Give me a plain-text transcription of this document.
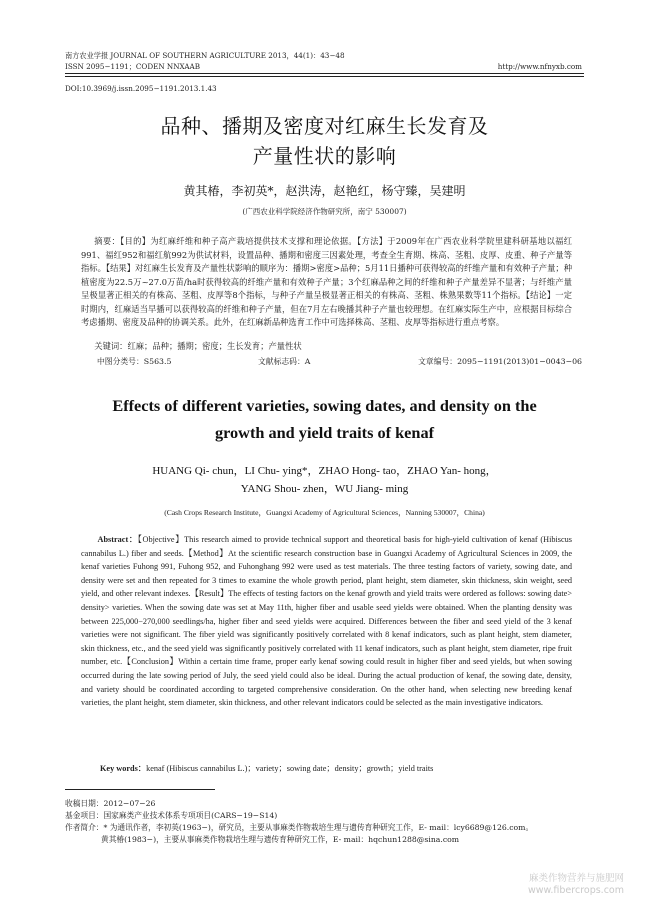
南方农业学报 JOURNAL OF SOUTHERN AGRICULTURE 2013，44(1)：43−48
ISSN 2095−1191；CODEN NNXAAB	http://www.nfnyxb.com
DOI:10.3969/j.issn.2095−1191.2013.1.43
品种、播期及密度对红麻生长发育及
产量性状的影响
黄其椿，李初英*，赵洪涛，赵艳红，杨守臻，吴建明
(广西农业科学院经济作物研究所，南宁 530007)
摘要：【目的】为红麻纤维和种子高产栽培提供技术支撑和理论依据。【方法】于2009年在广西农业科学院里建科研基地以福红991、福红952和福红航992为供试材料，设置品种、播期和密度三因素处理，考查全生育期、株高、茎粗、皮厚、皮重、种子产量等指标。【结果】对红麻生长发育及产量性状影响的顺序为：播期>密度>品种；5月11日播种可获得较高的纤维产量和有效种子产量；种植密度为22.5万~27.0万苗/ha时获得较高的纤维产量和有效种子产量；3个红麻品种之间的纤维和种子产量差异不显著；与纤维产量呈极显著正相关的有株高、茎粗、皮厚等8个指标，与种子产量呈极显著正相关的有株高、茎粗、株熟果数等11个指标。【结论】一定时期内，红麻适当早播可以获得较高的纤维和种子产量，但在7月左右晚播其种子产量也较理想。在红麻实际生产中，应根据目标综合考虑播期、密度及品种的协调关系。此外，在红麻新品种选育工作中可选择株高、茎粗、皮厚等指标进行重点考察。
关键词：红麻；品种；播期；密度；生长发育；产量性状
中图分类号：S563.5	文献标志码：A	文章编号：2095−1191(2013)01−0043−06
Effects of different varieties, sowing dates, and density on the
growth and yield traits of kenaf
HUANG Qi- chun，LI Chu- ying*，ZHAO Hong- tao，ZHAO Yan- hong，
YANG Shou- zhen，WU Jiang- ming
(Cash Crops Research Institute，Guangxi Academy of Agricultural Sciences，Nanning 530007，China)
Abstract：【Objective】This research aimed to provide technical support and theoretical basis for high-yield cultivation of kenaf (Hibiscus cannabilus L.) fiber and seeds.【Method】At the scientific research construction base in Guangxi Academy of Agricultural Sciences in 2009, the kenaf varieties Fuhong 991, Fuhong 952, and Fuhonghang 992 were used as test materials. The three testing factors of variety, sowing date, and density were set and then repeated for 3 times to examine the whole growth period, plant height, stem diameter, skin thickness, skin weight, seed yield, and other relevant indexes.【Result】The effects of testing factors on the kenaf growth and yield traits were ordered as follows: sowing date> density> varieties. When the sowing date was set at May 11th, higher fiber and usable seed yields were obtained. When the planting density was between 225,000−270,000 seedlings/ha, higher fiber and seed yields were acquired. Differences between the fiber and seed yield of the 3 kenaf varieties were not significant. The fiber yield was significantly positively correlated with 8 kenaf indicators, such as plant height, stem diameter, skin thickness, etc., and the seed yield was significantly positively correlated with 11 kenaf indicators, such as plant height, stem diameter, ripe fruit number, etc.【Conclusion】Within a certain time frame, proper early kenaf sowing could result in higher fiber and seed yields, but when sowing occurred during the late sowing period of July, the seed yield could also be ideal. During the actual production of kenaf, the sowing date, density, and variety should be coordinated according to targeted comprehensive consideration. On the other hand, when selecting new breeding kenaf varieties, the plant height, stem diameter, skin thickness, and other relevant indicators could be selected as the main investigative indicators.
Key words：kenaf (Hibiscus cannabilus L.)；variety；sowing date；density；growth；yield traits
收稿日期：2012−07−26
基金项目：国家麻类产业技术体系专项项目(CARS−19−S14)
作者简介：* 为通讯作者，李初英(1963−)，研究员，主要从事麻类作物栽培生理与遗传育种研究工作，E- mail：lcy6689@126.com。
黄其椿(1983−)，主要从事麻类作物栽培生理与遗传育种研究工作，E- mail：hqchun1288@sina.com
麻类作物营养与施肥网
www.fibercrops.com
